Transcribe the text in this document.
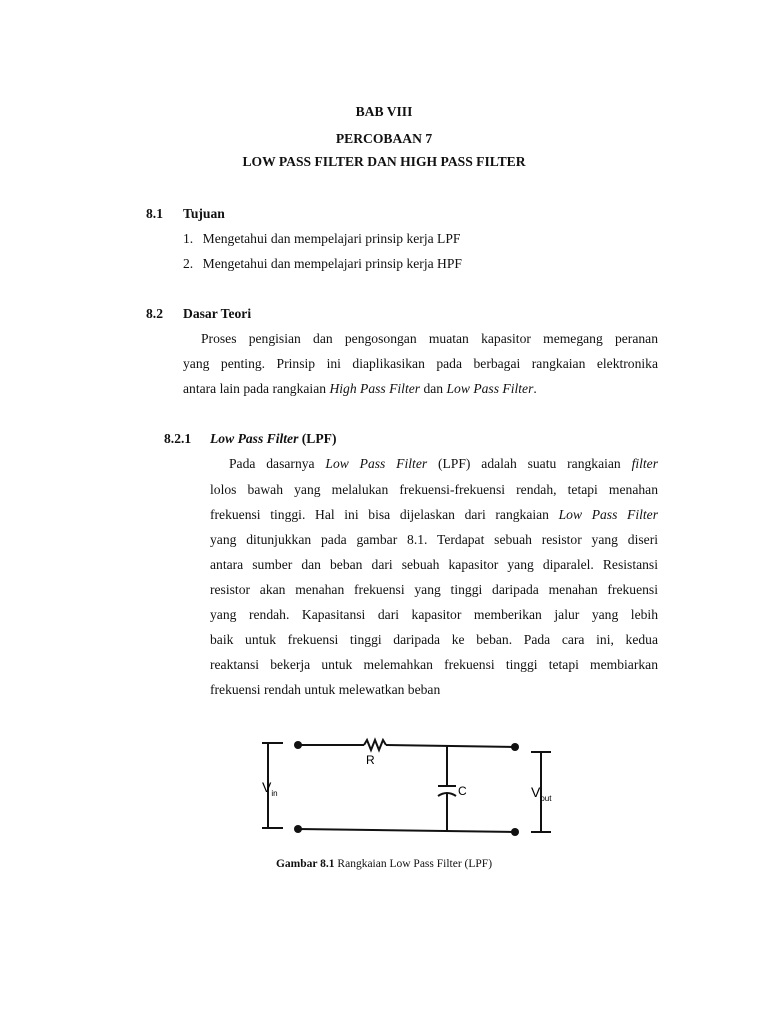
BAB VIII
PERCOBAAN 7
LOW PASS FILTER DAN HIGH PASS FILTER
8.1 Tujuan
1. Mengetahui dan mempelajari prinsip kerja LPF
2. Mengetahui dan mempelajari prinsip kerja HPF
8.2 Dasar Teori
Proses pengisian dan pengosongan muatan kapasitor memegang peranan
yang penting. Prinsip ini diaplikasikan pada berbagai rangkaian elektronika
antara lain pada rangkaian High Pass Filter dan Low Pass Filter.
8.2.1 Low Pass Filter (LPF)
Pada dasarnya Low Pass Filter (LPF) adalah suatu rangkaian filter
lolos bawah yang melalukan frekuensi-frekuensi rendah, tetapi menahan
frekuensi tinggi. Hal ini bisa dijelaskan dari rangkaian Low Pass Filter
yang ditunjukkan pada gambar 8.1. Terdapat sebuah resistor yang diseri
antara sumber dan beban dari sebuah kapasitor yang diparalel. Resistansi
resistor akan menahan frekuensi yang tinggi daripada menahan frekuensi
yang rendah. Kapasitansi dari kapasitor memberikan jalur yang lebih
baik untuk frekuensi tinggi daripada ke beban. Pada cara ini, kedua
reaktansi bekerja untuk melemahkan frekuensi tinggi tetapi membiarkan
frekuensi rendah untuk melewatkan beban
R
C
$V_{in}$	$V_{out}$
Gambar 8.1 Rangkaian Low Pass Filter (LPF)
